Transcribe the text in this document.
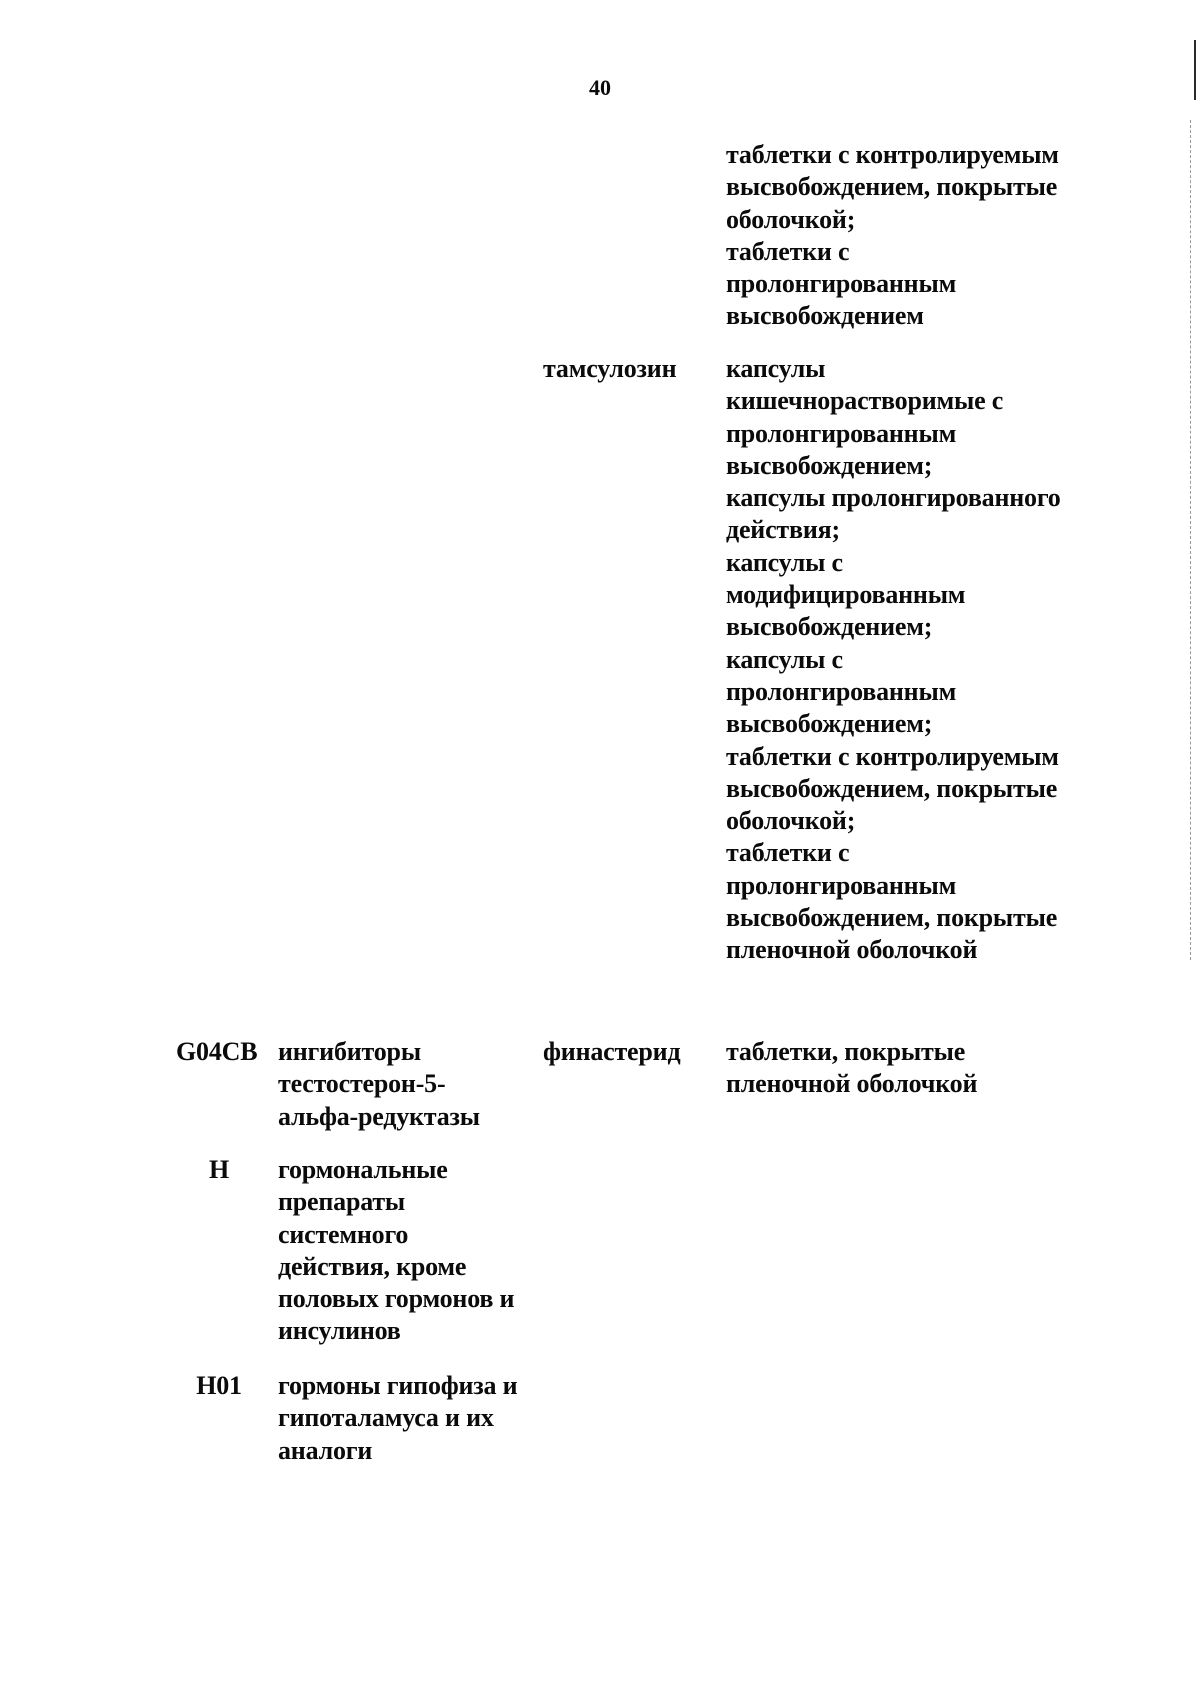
40
таблетки с контролируемым
высвобождением, покрытые
оболочкой;
таблетки с
пролонгированным
высвобождением
тамсулозин капсулы
кишечнорастворимые с
пролонгированным
высвобождением;
капсулы пролонгированного
действия;
капсулы с
модифицированным
высвобождением;
капсулы с
пролонгированным
высвобождением;
таблетки с контролируемым
высвобождением, покрытые
оболочкой;
таблетки с
пролонгированным
высвобождением, покрытые
пленочной оболочкой
G04CB ингибиторы
тестостерон-5-
альфа-редуктазы
финастерид таблетки, покрытые
пленочной оболочкой
H	гормональные
препараты
системного
действия, кроме
половых гормонов и
инсулинов
H01	гормоны гипофиза и
гипоталамуса и их
аналоги
